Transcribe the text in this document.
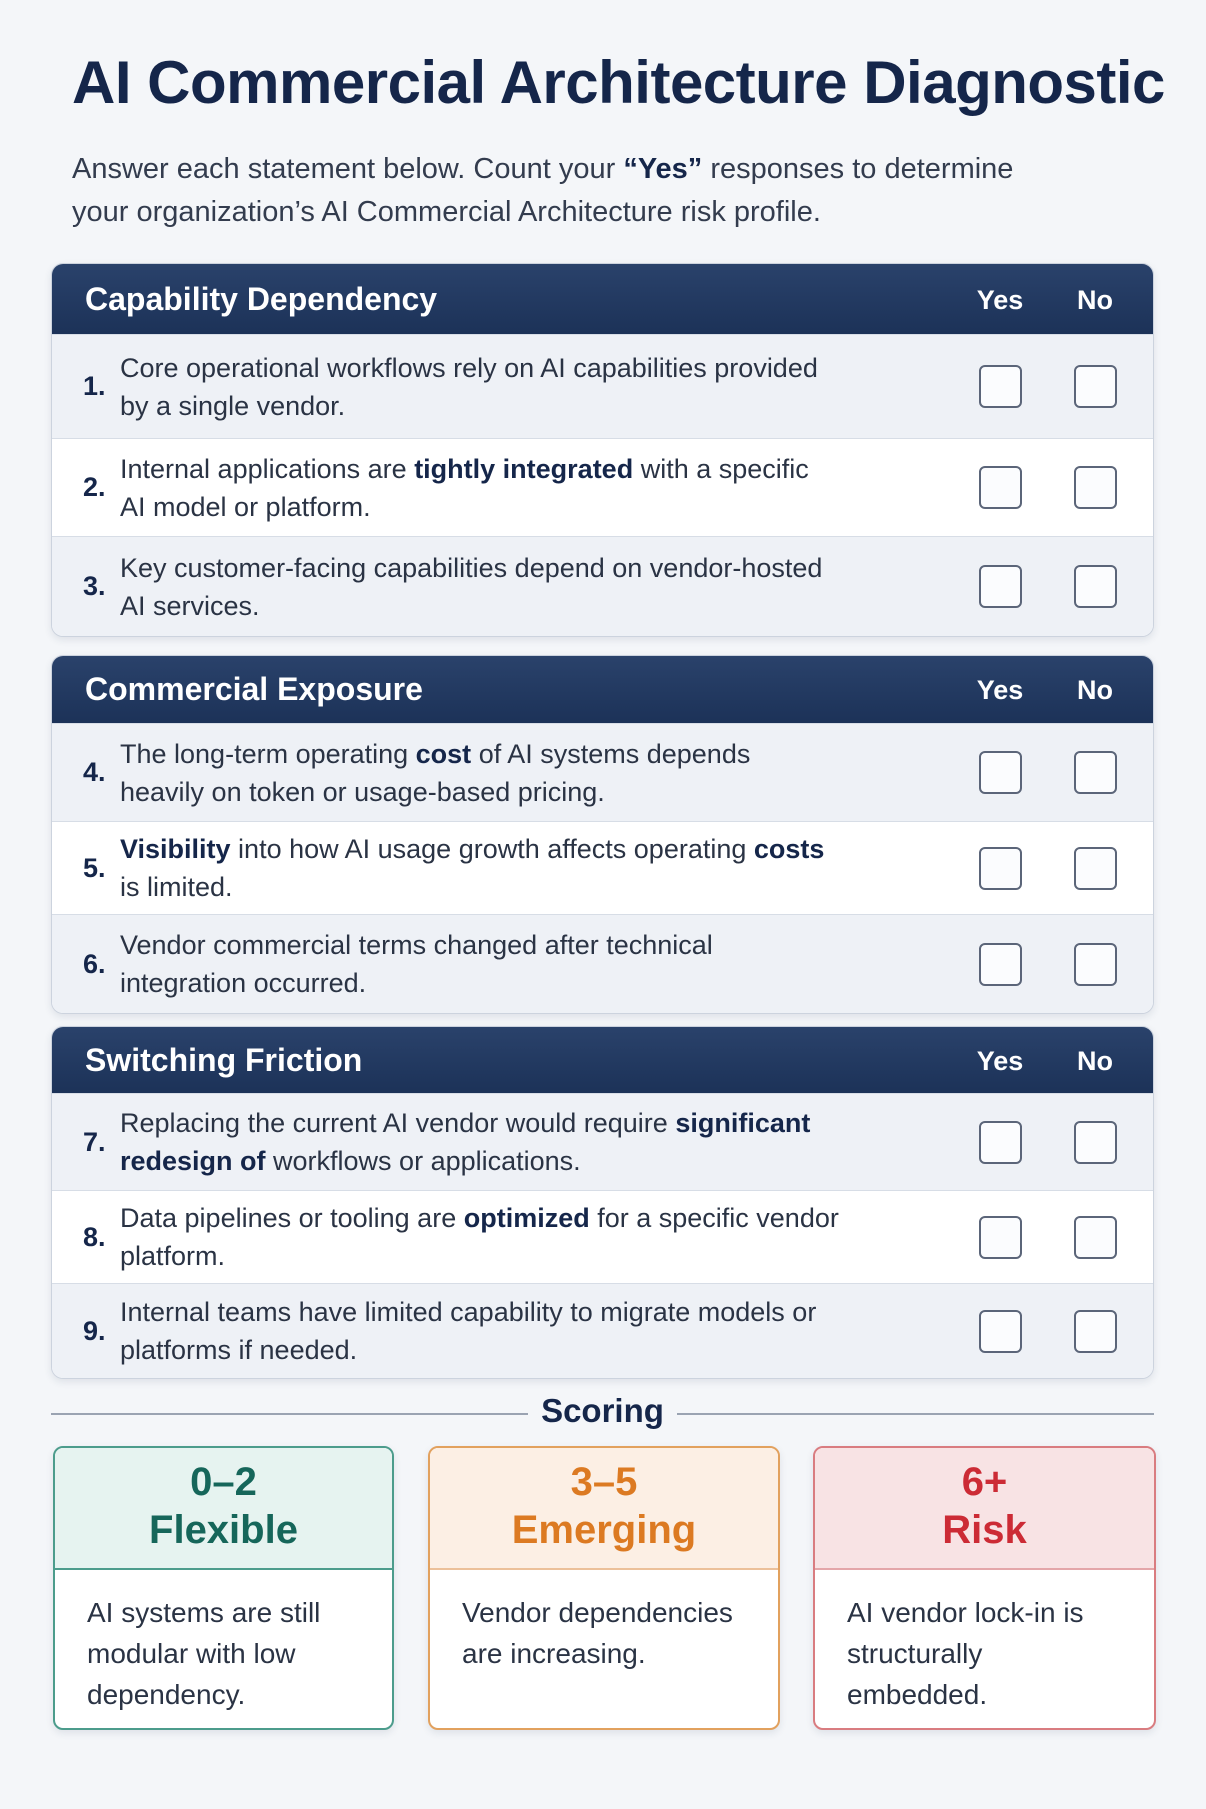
AI Commercial Architecture Diagnostic

Answer each statement below. Count your “Yes” responses to determine your organization’s AI Commercial Architecture risk profile.

Capability Dependency	Yes	No
1.
Core operational workflows rely on AI capabilities provided by a single vendor.
2.
Internal applications are tightly integrated with a specific AI model or platform.
3.
Key customer-facing capabilities depend on vendor-hosted AI services.
Commercial Exposure	Yes	No
4.
The long-term operating cost of AI systems depends heavily on token or usage-based pricing.
5.
Visibility into how AI usage growth affects operating costs is limited.
6.
Vendor commercial terms changed after technical integration occurred.
Switching Friction	Yes	No
7.
Replacing the current AI vendor would require significant redesign of workflows or applications.
8.
Data pipelines or tooling are optimized for a specific vendor platform.
9.
Internal teams have limited capability to migrate models or platforms if needed.
Scoring
0–2
Flexible
AI systems are still modular with low dependency.
3–5
Emerging
Vendor dependencies are increasing.
6+
Risk
AI vendor lock-in is structurally embedded.
